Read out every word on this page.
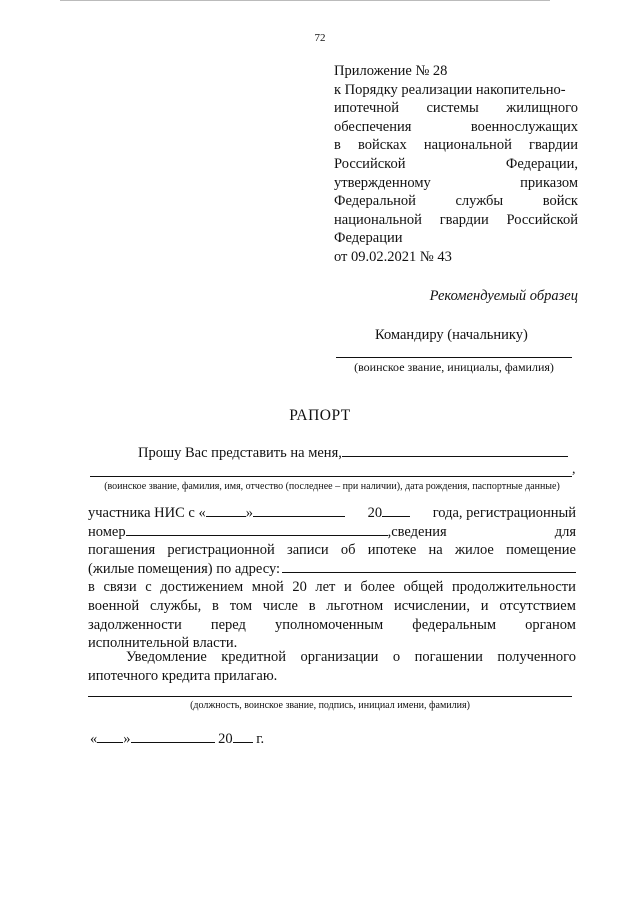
72
Приложение № 28
к Порядку реализации накопительно-
ипотечной системы жилищного
обеспечения	военнослужащих
в войсках национальной гвардии
Российской	Федерации,
утвержденному	приказом
Федеральной	службы	войск
национальной гвардии Российской
Федерации
от 09.02.2021 № 43
Рекомендуемый образец
Командиру (начальнику)
(воинское звание, инициалы, фамилия)
РАПОРТ
Прошу Вас представить на меня,
,
(воинское звание, фамилия, имя, отчество (последнее – при наличии), дата рождения, паспортные данные)
участника НИС с «	»	20	года, регистрационный
номер	, сведения	для
погашения регистрационной записи об ипотеке на жилое помещение
(жилые помещения) по адресу:
в связи с достижением мной 20 лет и более общей продолжительности
военной службы, в том числе в льготном исчислении, и отсутствием
задолженности перед уполномоченным федеральным органом
исполнительной власти.
Уведомление кредитной организации о погашении полученного
ипотечного кредита прилагаю.
(должность, воинское звание, подпись, инициал имени, фамилия)
« »	20 г.
